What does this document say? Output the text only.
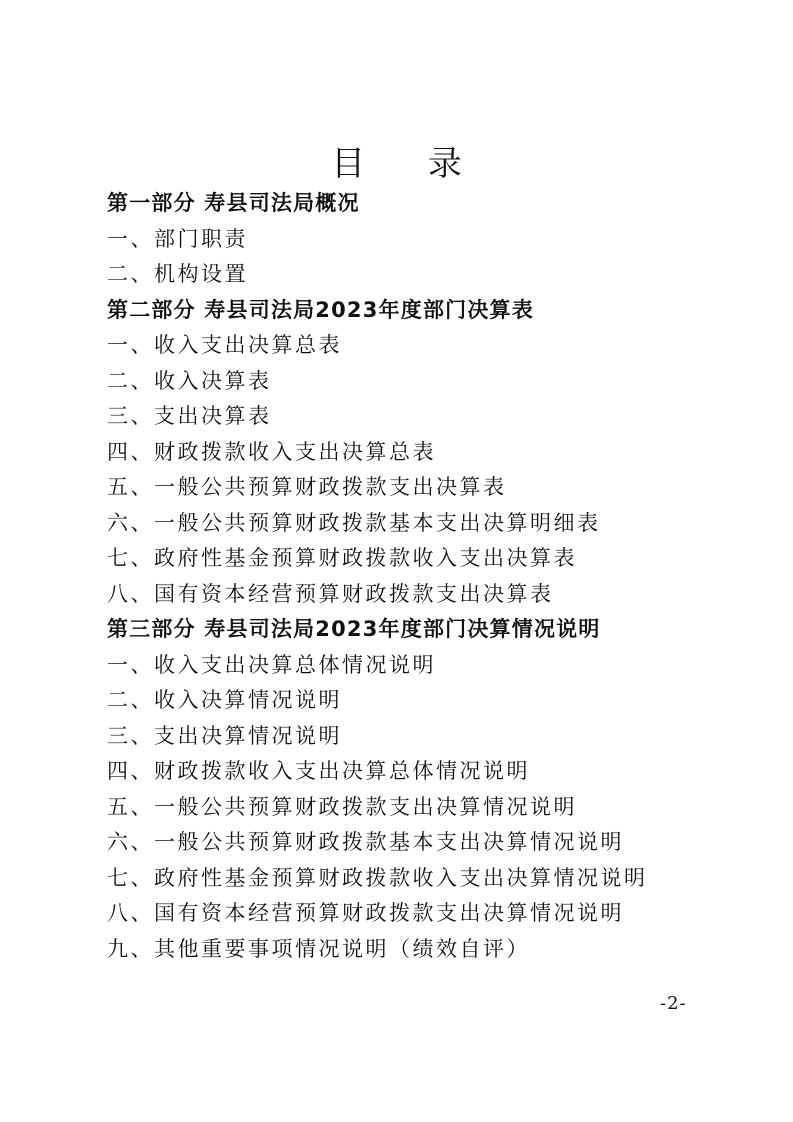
目 录
第一部分 寿县司法局概况
一、部门职责
二、机构设置
第二部分 寿县司法局2023年度部门决算表
一、收入支出决算总表
二、收入决算表
三、支出决算表
四、财政拨款收入支出决算总表
五、一般公共预算财政拨款支出决算表
六、一般公共预算财政拨款基本支出决算明细表
七、政府性基金预算财政拨款收入支出决算表
八、国有资本经营预算财政拨款支出决算表
第三部分 寿县司法局2023年度部门决算情况说明
一、收入支出决算总体情况说明
二、收入决算情况说明
三、支出决算情况说明
四、财政拨款收入支出决算总体情况说明
五、一般公共预算财政拨款支出决算情况说明
六、一般公共预算财政拨款基本支出决算情况说明
七、政府性基金预算财政拨款收入支出决算情况说明
八、国有资本经营预算财政拨款支出决算情况说明
九、其他重要事项情况说明（绩效自评）
-2-
